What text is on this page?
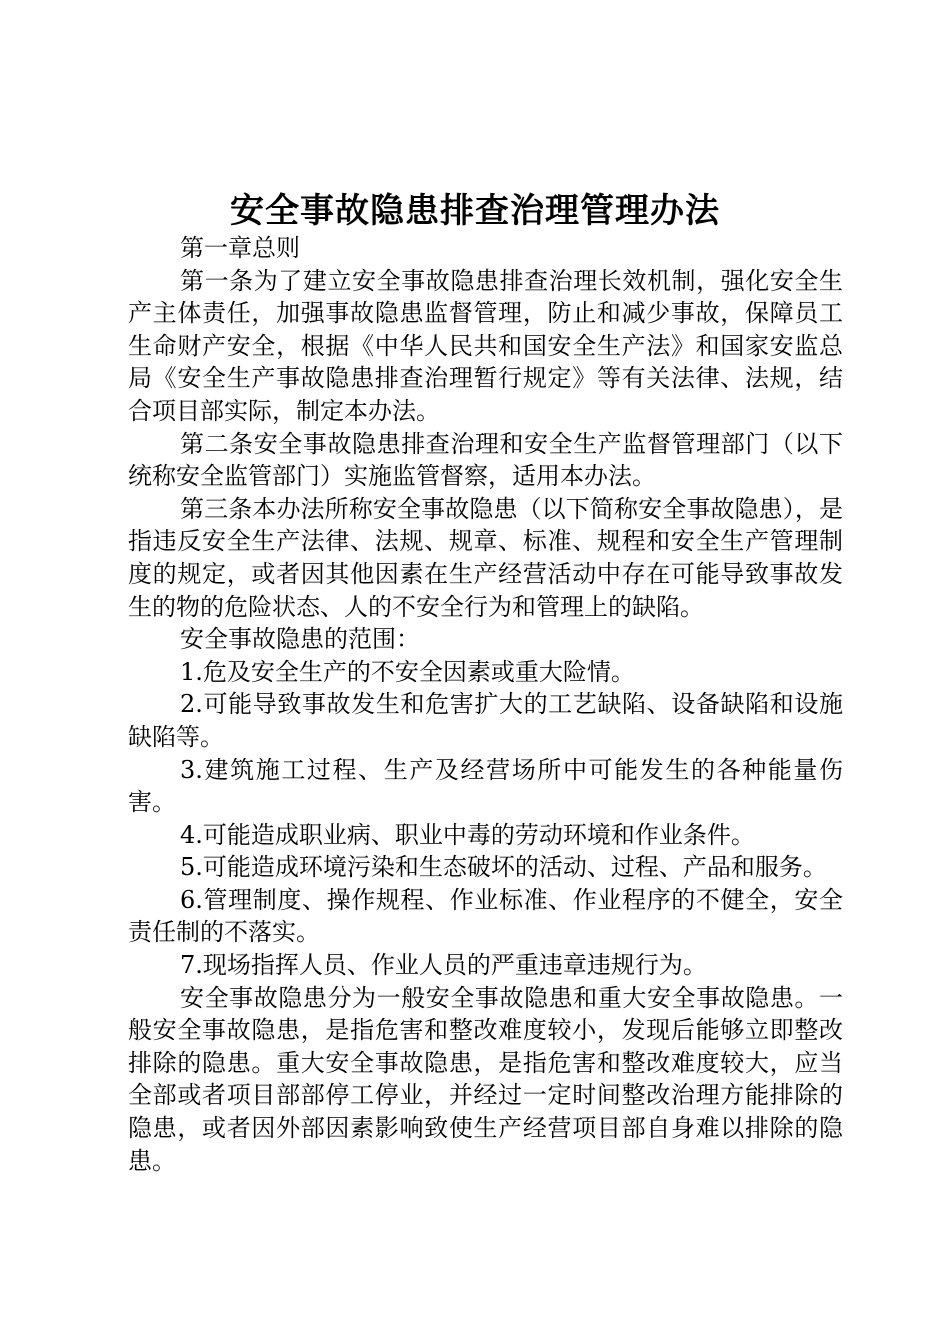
安全事故隐患排查治理管理办法

第一章总则

第一条为了建立安全事故隐患排查治理长效机制，强化安全生产主体责任，加强事故隐患监督管理，防止和减少事故，保障员工生命财产安全，根据《中华人民共和国安全生产法》和国家安监总局《安全生产事故隐患排查治理暂行规定》等有关法律、法规，结合项目部实际，制定本办法。

第二条安全事故隐患排查治理和安全生产监督管理部门（以下统称安全监管部门）实施监管督察，适用本办法。

第三条本办法所称安全事故隐患（以下简称安全事故隐患），是指违反安全生产法律、法规、规章、标准、规程和安全生产管理制度的规定，或者因其他因素在生产经营活动中存在可能导致事故发生的物的危险状态、人的不安全行为和管理上的缺陷。

安全事故隐患的范围：

1.危及安全生产的不安全因素或重大险情。

2.可能导致事故发生和危害扩大的工艺缺陷、设备缺陷和设施缺陷等。

3.建筑施工过程、生产及经营场所中可能发生的各种能量伤害。

4.可能造成职业病、职业中毒的劳动环境和作业条件。

5.可能造成环境污染和生态破坏的活动、过程、产品和服务。

6.管理制度、操作规程、作业标准、作业程序的不健全，安全责任制的不落实。

7.现场指挥人员、作业人员的严重违章违规行为。

安全事故隐患分为一般安全事故隐患和重大安全事故隐患。一般安全事故隐患，是指危害和整改难度较小，发现后能够立即整改排除的隐患。重大安全事故隐患，是指危害和整改难度较大，应当全部或者项目部部停工停业，并经过一定时间整改治理方能排除的隐患，或者因外部因素影响致使生产经营项目部自身难以排除的隐患。
